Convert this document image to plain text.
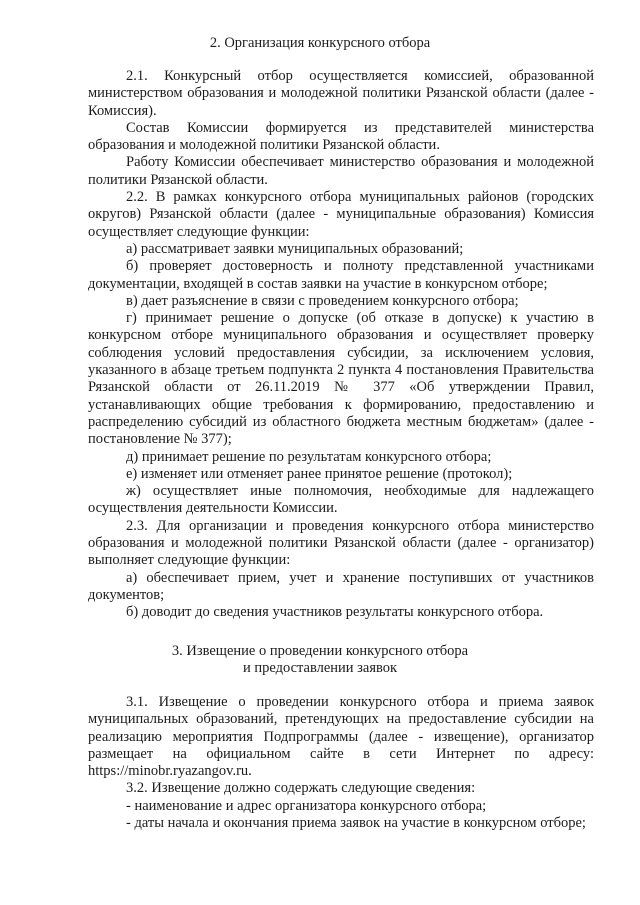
2. Организация конкурсного отбора

2.1. Конкурсный отбор осуществляется комиссией, образованной министерством образования и молодежной политики Рязанской области (далее - Комиссия).

Состав Комиссии формируется из представителей министерства образования и молодежной политики Рязанской области.

Работу Комиссии обеспечивает министерство образования и молодежной политики Рязанской области.

2.2. В рамках конкурсного отбора муниципальных районов (городских округов) Рязанской области (далее - муниципальные образования) Комиссия осуществляет следующие функции:

а) рассматривает заявки муниципальных образований;

б) проверяет достоверность и полноту представленной участниками документации, входящей в состав заявки на участие в конкурсном отборе;

в) дает разъяснение в связи с проведением конкурсного отбора;

г) принимает решение о допуске (об отказе в допуске) к участию в конкурсном отборе муниципального образования и осуществляет проверку соблюдения условий предоставления субсидии, за исключением условия, указанного в абзаце третьем подпункта 2 пункта 4 постановления Правительства Рязанской области от 26.11.2019 № 377 «Об утверждении Правил, устанавливающих общие требования к формированию, предоставлению и распределению субсидий из областного бюджета местным бюджетам» (далее - постановление № 377);

д) принимает решение по результатам конкурсного отбора;

е) изменяет или отменяет ранее принятое решение (протокол);

ж) осуществляет иные полномочия, необходимые для надлежащего осуществления деятельности Комиссии.

2.3. Для организации и проведения конкурсного отбора министерство образования и молодежной политики Рязанской области (далее - организатор) выполняет следующие функции:

а) обеспечивает прием, учет и хранение поступивших от участников документов;

б) доводит до сведения участников результаты конкурсного отбора.

3. Извещение о проведении конкурсного отбора
и предоставлении заявок

3.1. Извещение о проведении конкурсного отбора и приема заявок муниципальных образований, претендующих на предоставление субсидии на реализацию мероприятия Подпрограммы (далее - извещение), организатор размещает на официальном сайте в сети Интернет по адресу: https://minobr.ryazangov.ru.

3.2. Извещение должно содержать следующие сведения:

- наименование и адрес организатора конкурсного отбора;

- даты начала и окончания приема заявок на участие в конкурсном отборе;
